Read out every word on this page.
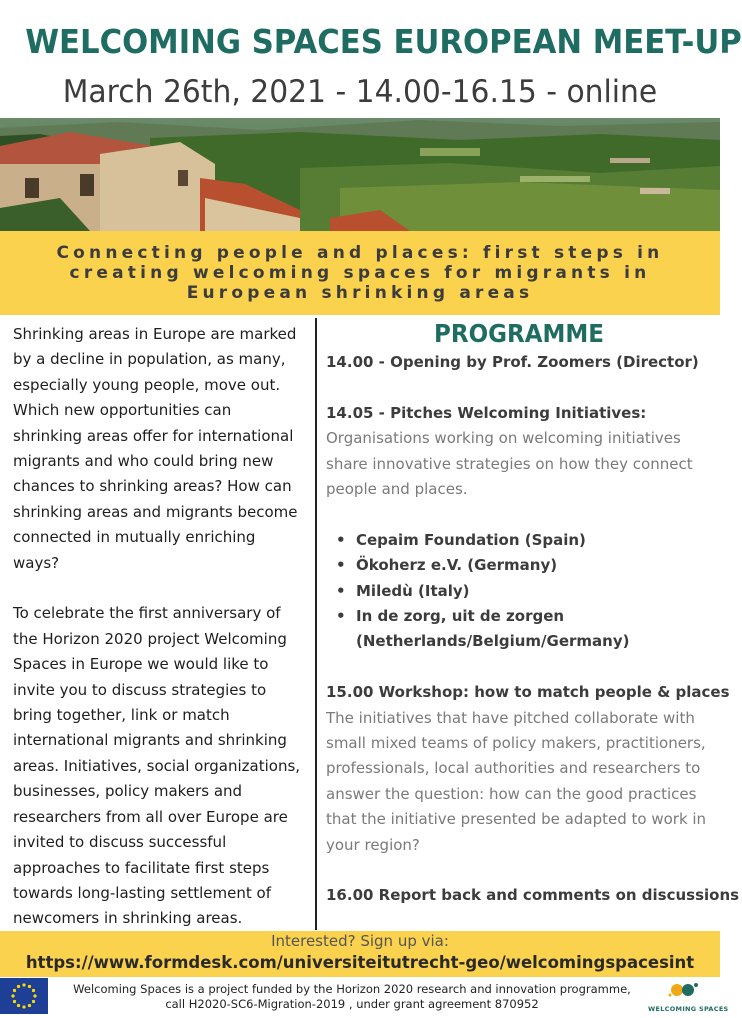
WELCOMING SPACES EUROPEAN MEET-UP
March 26th, 2021 - 14.00-16.15 - online
Connecting people and places: first steps in
creating welcoming spaces for migrants in
European shrinking areas

Shrinking areas in Europe are marked

by a decline in population, as many,

especially young people, move out.

Which new opportunities can

shrinking areas offer for international

migrants and who could bring new

chances to shrinking areas? How can

shrinking areas and migrants become

connected in mutually enriching

ways?

To celebrate the first anniversary of

the Horizon 2020 project Welcoming

Spaces in Europe we would like to

invite you to discuss strategies to

bring together, link or match

international migrants and shrinking

areas. Initiatives, social organizations,

businesses, policy makers and

researchers from all over Europe are

invited to discuss successful

approaches to facilitate first steps

towards long-lasting settlement of

newcomers in shrinking areas.

PROGRAMME
14.00 - Opening by Prof. Zoomers (Director)
14.05 - Pitches Welcoming Initiatives:
Organisations working on welcoming initiatives
share innovative strategies on how they connect
people and places.
• Cepaim Foundation (Spain)
• Ökoherz e.V. (Germany)
• Miledù (Italy)
• In de zorg, uit de zorgen
(Netherlands/Belgium/Germany)
15.00 Workshop: how to match people & places
The initiatives that have pitched collaborate with
small mixed teams of policy makers, practitioners,
professionals, local authorities and researchers to
answer the question: how can the good practices
that the initiative presented be adapted to work in
your region?
16.00 Report back and comments on discussions
Interested? Sign up via:
https://www.formdesk.com/universiteitutrecht-geo/welcomingspacesint
Welcoming Spaces is a project funded by the Horizon 2020 research and innovation programme,
call H2020-SC6-Migration-2019 , under grant agreement 870952	WELCOMING SPACES
